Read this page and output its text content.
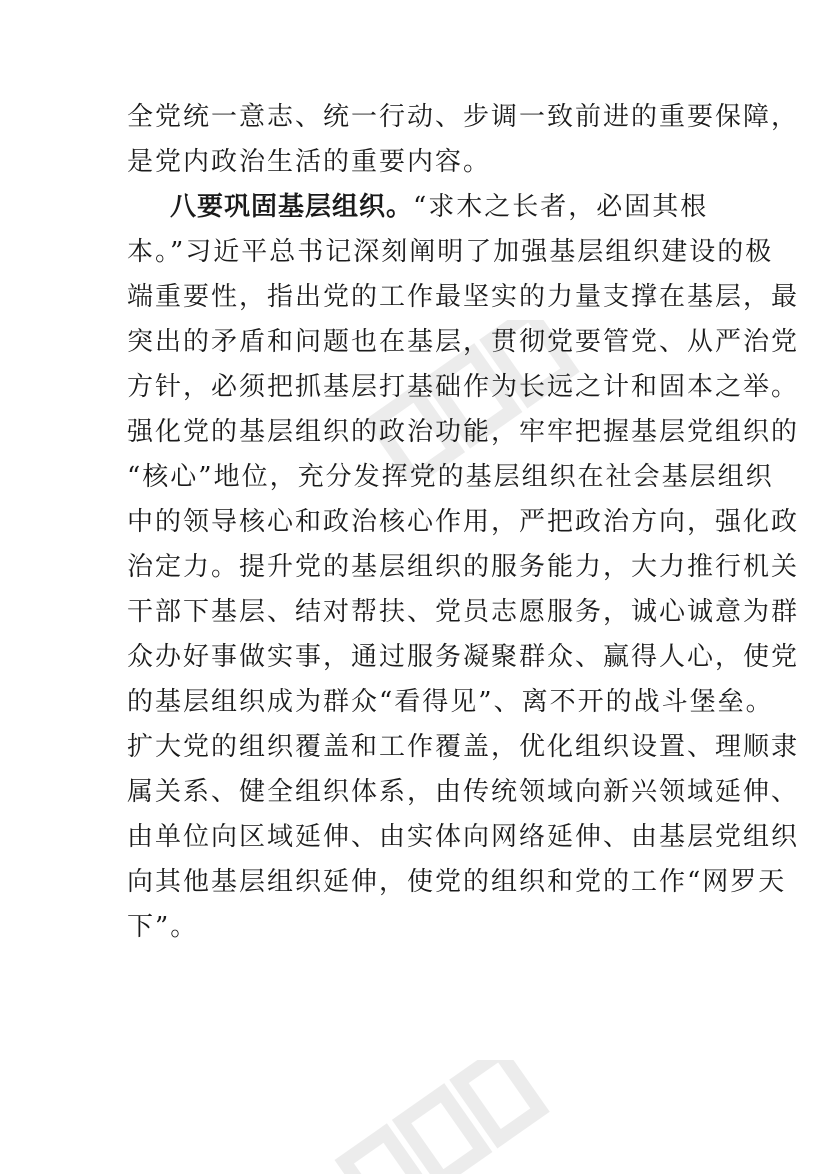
全党统一意志、统一行动、步调一致前进的重要保障，
是党内政治生活的重要内容。
八要巩固基层组织。“求木之长者，必固其根
本。”习近平总书记深刻阐明了加强基层组织建设的极
端重要性，指出党的工作最坚实的力量支撑在基层，最
突出的矛盾和问题也在基层，贯彻党要管党、从严治党
方针，必须把抓基层打基础作为长远之计和固本之举。
强化党的基层组织的政治功能，牢牢把握基层党组织的
“核心”地位，充分发挥党的基层组织在社会基层组织
中的领导核心和政治核心作用，严把政治方向，强化政
治定力。提升党的基层组织的服务能力，大力推行机关
干部下基层、结对帮扶、党员志愿服务，诚心诚意为群
众办好事做实事，通过服务凝聚群众、赢得人心，使党
的基层组织成为群众“看得见”、离不开的战斗堡垒。
扩大党的组织覆盖和工作覆盖，优化组织设置、理顺隶
属关系、健全组织体系，由传统领域向新兴领域延伸、
由单位向区域延伸、由实体向网络延伸、由基层党组织
向其他基层组织延伸，使党的组织和党的工作“网罗天
下”。
